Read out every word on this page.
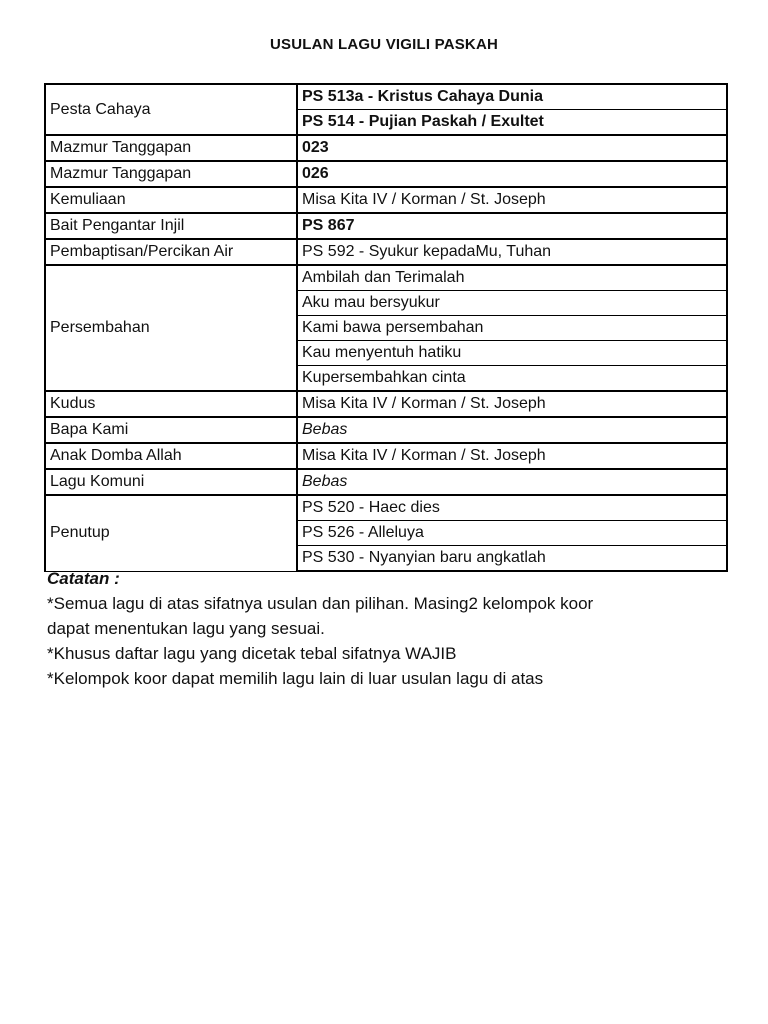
USULAN LAGU VIGILI PASKAH
Pesta Cahaya	PS 513a - Kristus Cahaya Dunia
	PS 514 - Pujian Paskah / Exultet
Mazmur Tanggapan	023
Mazmur Tanggapan	026
Kemuliaan	Misa Kita IV / Korman / St. Joseph
Bait Pengantar Injil	PS 867
Pembaptisan/Percikan Air	PS 592 - Syukur kepadaMu, Tuhan
Persembahan	Ambilah dan Terimalah
	Aku mau bersyukur
	Kami bawa persembahan
	Kau menyentuh hatiku
	Kupersembahkan cinta
Kudus	Misa Kita IV / Korman / St. Joseph
Bapa Kami	Bebas
Anak Domba Allah	Misa Kita IV / Korman / St. Joseph
Lagu Komuni	Bebas
Penutup	PS 520 - Haec dies
	PS 526 - Alleluya
	PS 530 - Nyanyian baru angkatlah
Catatan :
*Semua lagu di atas sifatnya usulan dan pilihan. Masing2 kelompok koor
dapat menentukan lagu yang sesuai.
*Khusus daftar lagu yang dicetak tebal sifatnya WAJIB
*Kelompok koor dapat memilih lagu lain di luar usulan lagu di atas
